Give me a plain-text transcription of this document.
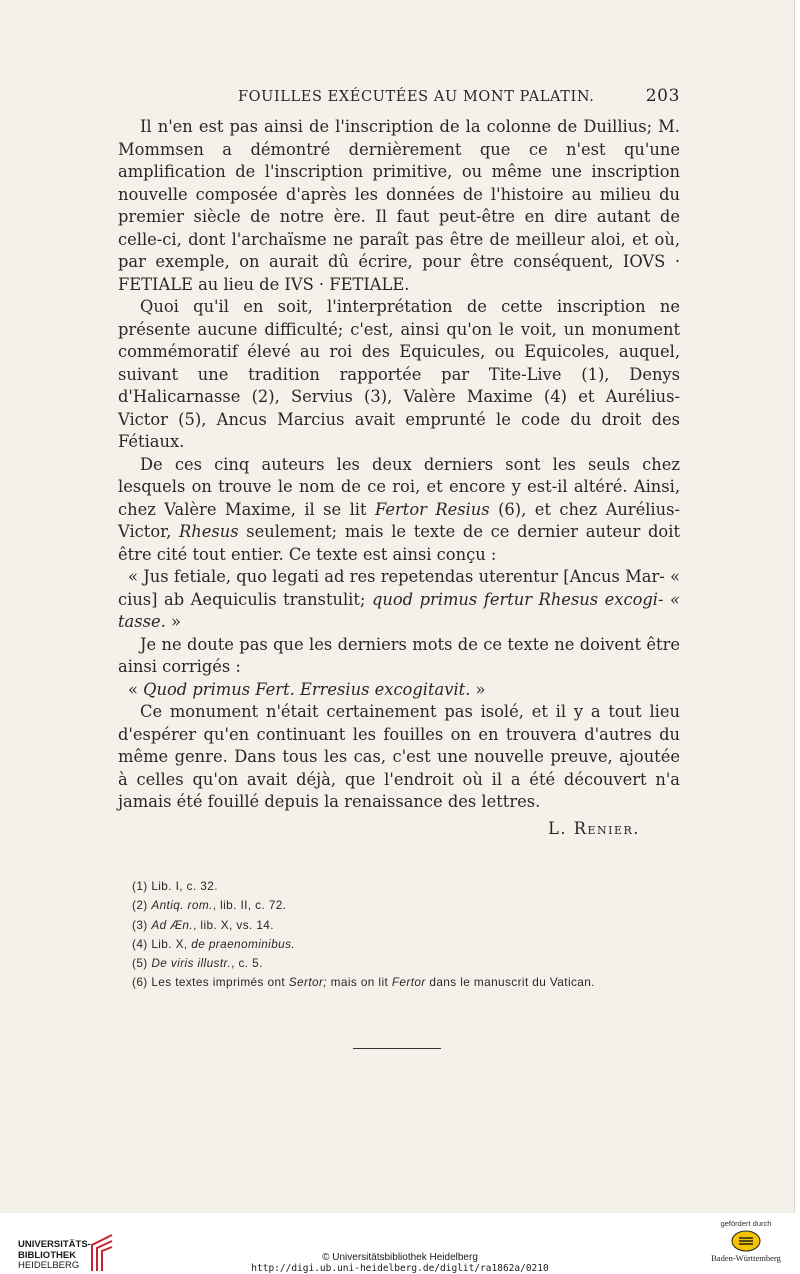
FOUILLES EXÉCUTÉES AU MONT PALATIN.	203

Il n'en est pas ainsi de l'inscription de la colonne de Duillius; M. Mommsen a démontré dernièrement que ce n'est qu'une amplification de l'inscription primitive, ou même une inscription nouvelle composée d'après les données de l'histoire au milieu du premier siècle de notre ère. Il faut peut-être en dire autant de celle-ci, dont l'archaïsme ne paraît pas être de meilleur aloi, et où, par exemple, on aurait dû écrire, pour être conséquent, IOVS · FETIALE au lieu de IVS · FETIALE.

Quoi qu'il en soit, l'interprétation de cette inscription ne présente aucune difficulté; c'est, ainsi qu'on le voit, un monument commémoratif élevé au roi des Equicules, ou Equicoles, auquel, suivant une tradition rapportée par Tite-Live (1), Denys d'Halicarnasse (2), Servius (3), Valère Maxime (4) et Aurélius-Victor (5), Ancus Marcius avait emprunté le code du droit des Fétiaux.

De ces cinq auteurs les deux derniers sont les seuls chez lesquels on trouve le nom de ce roi, et encore y est-il altéré. Ainsi, chez Valère Maxime, il se lit Fertor Resius (6), et chez Aurélius-Victor, Rhesus seulement; mais le texte de ce dernier auteur doit être cité tout entier. Ce texte est ainsi conçu :

« Jus fetiale, quo legati ad res repetendas uterentur [Ancus Mar- « cius] ab Aequiculis transtulit; quod primus fertur Rhesus excogi- « tasse. »

Je ne doute pas que les derniers mots de ce texte ne doivent être ainsi corrigés :

« Quod primus Fert. Erresius excogitavit. »

Ce monument n'était certainement pas isolé, et il y a tout lieu d'espérer qu'en continuant les fouilles on en trouvera d'autres du même genre. Dans tous les cas, c'est une nouvelle preuve, ajoutée à celles qu'on avait déjà, que l'endroit où il a été découvert n'a jamais été fouillé depuis la renaissance des lettres.

L. Renier.

(1) Lib. I, c. 32.
(2) Antiq. rom., lib. II, c. 72.
(3) Ad Æn., lib. X, vs. 14.
(4) Lib. X, de praenominibus.
(5) De viris illustr., c. 5.
(6) Les textes imprimés ont Sertor; mais on lit Fertor dans le manuscrit du Vatican.
UNIVERSITÄTS-
BIBLIOTHEK
HEIDELBERG
© Universitätsbibliothek Heidelberg
http://digi.ub.uni-heidelberg.de/diglit/ra1862a/0210
gefördert durch
Baden-Württemberg
